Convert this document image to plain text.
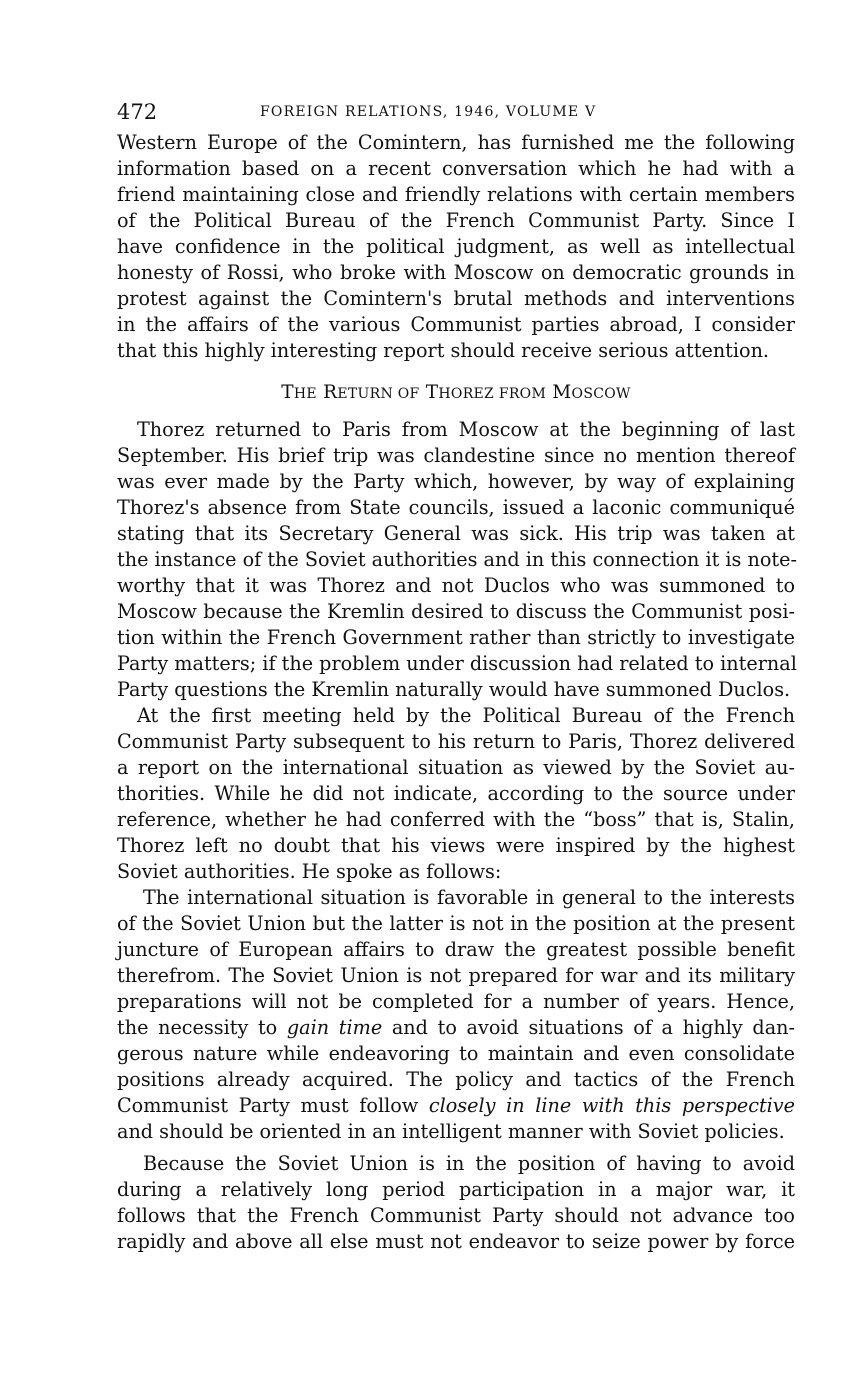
472	FOREIGN RELATIONS, 1946, VOLUME V
Western Europe of the Comintern, has furnished me the following
information based on a recent conversation which he had with a
friend maintaining close and friendly relations with certain members
of the Political Bureau of the French Communist Party. Since I
have confidence in the political judgment, as well as intellectual
honesty of Rossi, who broke with Moscow on democratic grounds in
protest against the Comintern's brutal methods and interventions
in the affairs of the various Communist parties abroad, I consider
that this highly interesting report should receive serious attention.
THE RETURN OF THOREZ FROM MOSCOW
Thorez returned to Paris from Moscow at the beginning of last
September. His brief trip was clandestine since no mention thereof
was ever made by the Party which, however, by way of explaining
Thorez's absence from State councils, issued a laconic communiqué
stating that its Secretary General was sick. His trip was taken at
the instance of the Soviet authorities and in this connection it is note-
worthy that it was Thorez and not Duclos who was summoned to
Moscow because the Kremlin desired to discuss the Communist posi-
tion within the French Government rather than strictly to investigate
Party matters; if the problem under discussion had related to internal
Party questions the Kremlin naturally would have summoned Duclos.
At the first meeting held by the Political Bureau of the French
Communist Party subsequent to his return to Paris, Thorez delivered
a report on the international situation as viewed by the Soviet au-
thorities. While he did not indicate, according to the source under
reference, whether he had conferred with the “boss” that is, Stalin,
Thorez left no doubt that his views were inspired by the highest
Soviet authorities. He spoke as follows:
The international situation is favorable in general to the interests
of the Soviet Union but the latter is not in the position at the present
juncture of European affairs to draw the greatest possible benefit
therefrom. The Soviet Union is not prepared for war and its military
preparations will not be completed for a number of years. Hence,
the necessity to gain time and to avoid situations of a highly dan-
gerous nature while endeavoring to maintain and even consolidate
positions already acquired. The policy and tactics of the French
Communist Party must follow closely in line with this perspective
and should be oriented in an intelligent manner with Soviet policies.
Because the Soviet Union is in the position of having to avoid
during a relatively long period participation in a major war, it
follows that the French Communist Party should not advance too
rapidly and above all else must not endeavor to seize power by force
